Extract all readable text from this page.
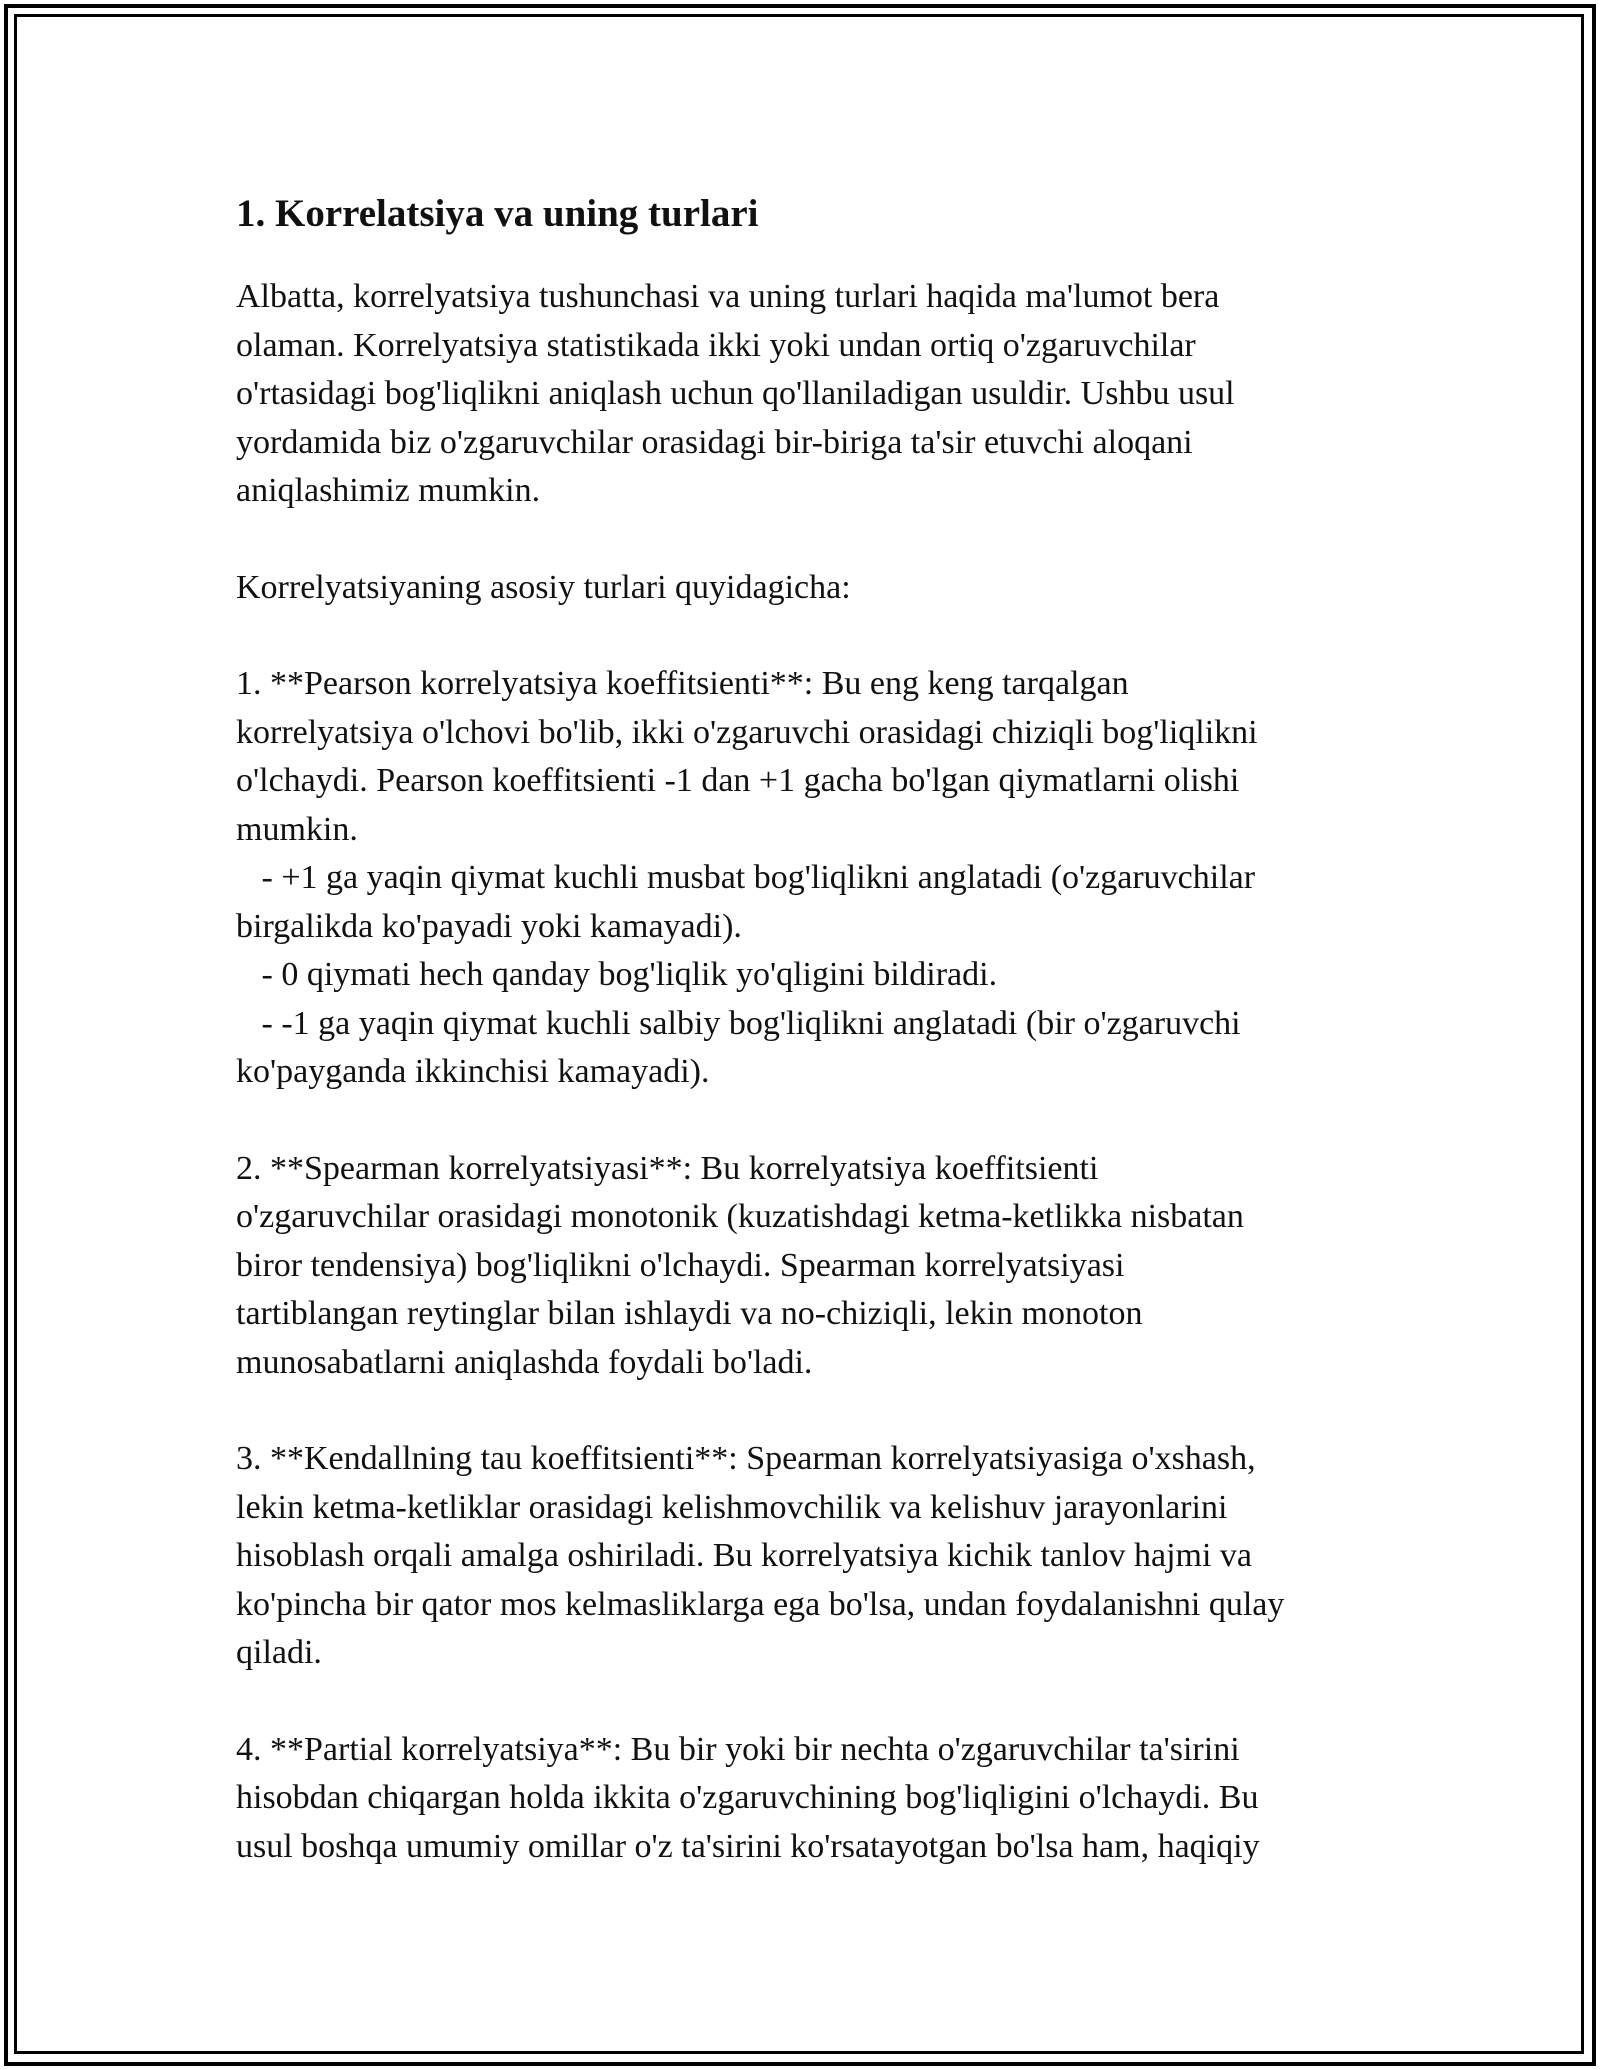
1. Korrelatsiya va uning turlari

Albatta, korrelyatsiya tushunchasi va uning turlari haqida ma'lumot bera
olaman. Korrelyatsiya statistikada ikki yoki undan ortiq o'zgaruvchilar
o'rtasidagi bog'liqlikni aniqlash uchun qo'llaniladigan usuldir. Ushbu usul
yordamida biz o'zgaruvchilar orasidagi bir-biriga ta'sir etuvchi aloqani
aniqlashimiz mumkin.

Korrelyatsiyaning asosiy turlari quyidagicha:

1. **Pearson korrelyatsiya koeffitsienti**: Bu eng keng tarqalgan
korrelyatsiya o'lchovi bo'lib, ikki o'zgaruvchi orasidagi chiziqli bog'liqlikni
o'lchaydi. Pearson koeffitsienti -1 dan +1 gacha bo'lgan qiymatlarni olishi
mumkin.
- +1 ga yaqin qiymat kuchli musbat bog'liqlikni anglatadi (o'zgaruvchilar
birgalikda ko'payadi yoki kamayadi).
- 0 qiymati hech qanday bog'liqlik yo'qligini bildiradi.
- -1 ga yaqin qiymat kuchli salbiy bog'liqlikni anglatadi (bir o'zgaruvchi
ko'payganda ikkinchisi kamayadi).

2. **Spearman korrelyatsiyasi**: Bu korrelyatsiya koeffitsienti
o'zgaruvchilar orasidagi monotonik (kuzatishdagi ketma-ketlikka nisbatan
biror tendensiya) bog'liqlikni o'lchaydi. Spearman korrelyatsiyasi
tartiblangan reytinglar bilan ishlaydi va no-chiziqli, lekin monoton
munosabatlarni aniqlashda foydali bo'ladi.

3. **Kendallning tau koeffitsienti**: Spearman korrelyatsiyasiga o'xshash,
lekin ketma-ketliklar orasidagi kelishmovchilik va kelishuv jarayonlarini
hisoblash orqali amalga oshiriladi. Bu korrelyatsiya kichik tanlov hajmi va
ko'pincha bir qator mos kelmasliklarga ega bo'lsa, undan foydalanishni qulay
qiladi.

4. **Partial korrelyatsiya**: Bu bir yoki bir nechta o'zgaruvchilar ta'sirini
hisobdan chiqargan holda ikkita o'zgaruvchining bog'liqligini o'lchaydi. Bu
usul boshqa umumiy omillar o'z ta'sirini ko'rsatayotgan bo'lsa ham, haqiqiy
